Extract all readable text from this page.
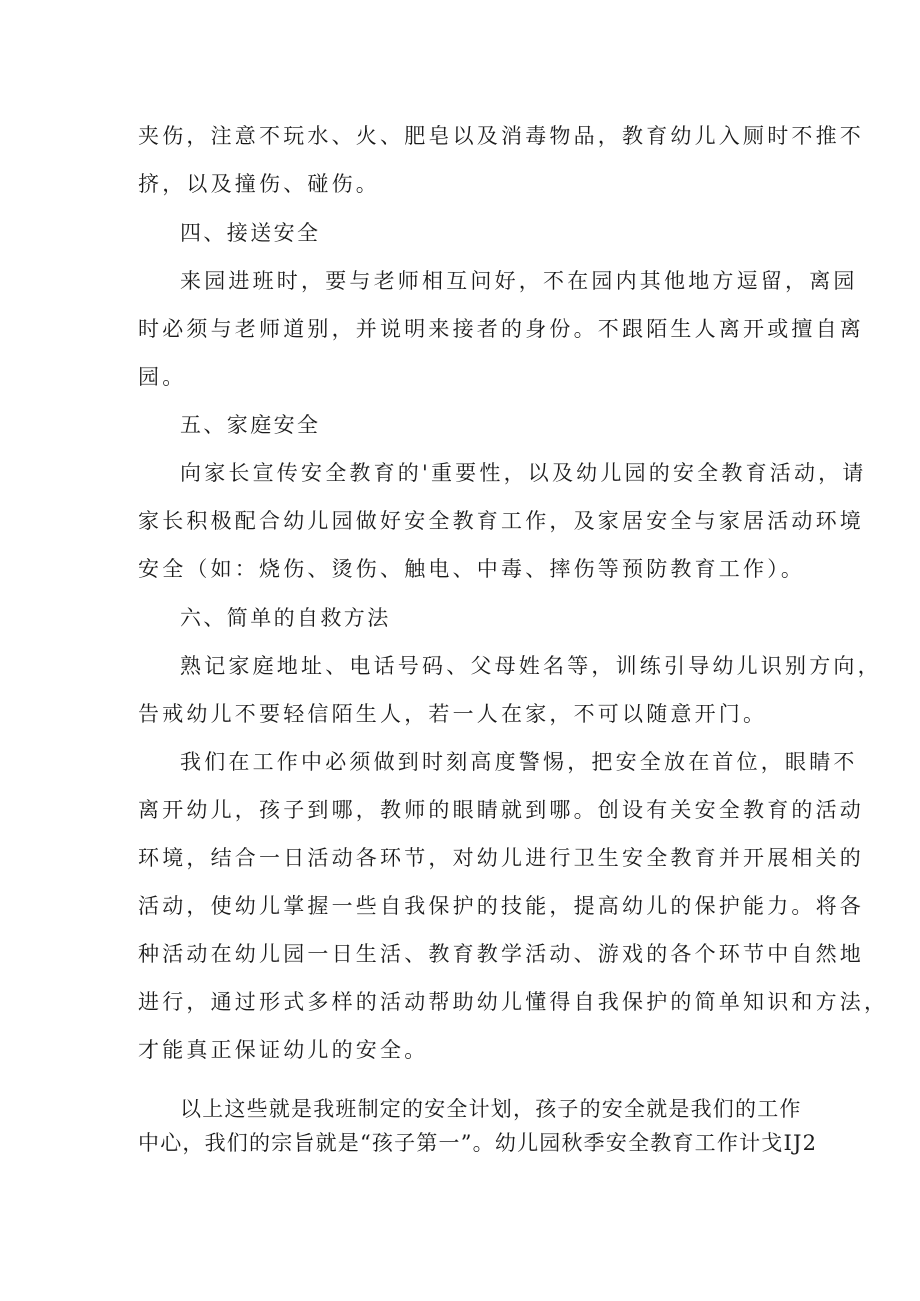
夹伤，注意不玩水、火、肥皂以及消毒物品，教育幼儿入厕时不推不
挤，以及撞伤、碰伤。
四、接送安全
来园进班时，要与老师相互问好，不在园内其他地方逗留，离园
时必须与老师道别，并说明来接者的身份。不跟陌生人离开或擅自离
园。
五、家庭安全
向家长宣传安全教育的'重要性，以及幼儿园的安全教育活动，请
家长积极配合幼儿园做好安全教育工作，及家居安全与家居活动环境
安全（如：烧伤、烫伤、触电、中毒、摔伤等预防教育工作）。
六、简单的自救方法
熟记家庭地址、电话号码、父母姓名等，训练引导幼儿识别方向，
告戒幼儿不要轻信陌生人，若一人在家，不可以随意开门。
我们在工作中必须做到时刻高度警惕，把安全放在首位，眼睛不
离开幼儿，孩子到哪，教师的眼睛就到哪。创设有关安全教育的活动
环境，结合一日活动各环节，对幼儿进行卫生安全教育并开展相关的
活动，使幼儿掌握一些自我保护的技能，提高幼儿的保护能力。将各
种活动在幼儿园一日生活、教育教学活动、游戏的各个环节中自然地
进行，通过形式多样的活动帮助幼儿懂得自我保护的简单知识和方法，
才能真正保证幼儿的安全。
以上这些就是我班制定的安全计划，孩子的安全就是我们的工作
中心，我们的宗旨就是“孩子第一”。幼儿园秋季安全教育工作计戈IJ2
